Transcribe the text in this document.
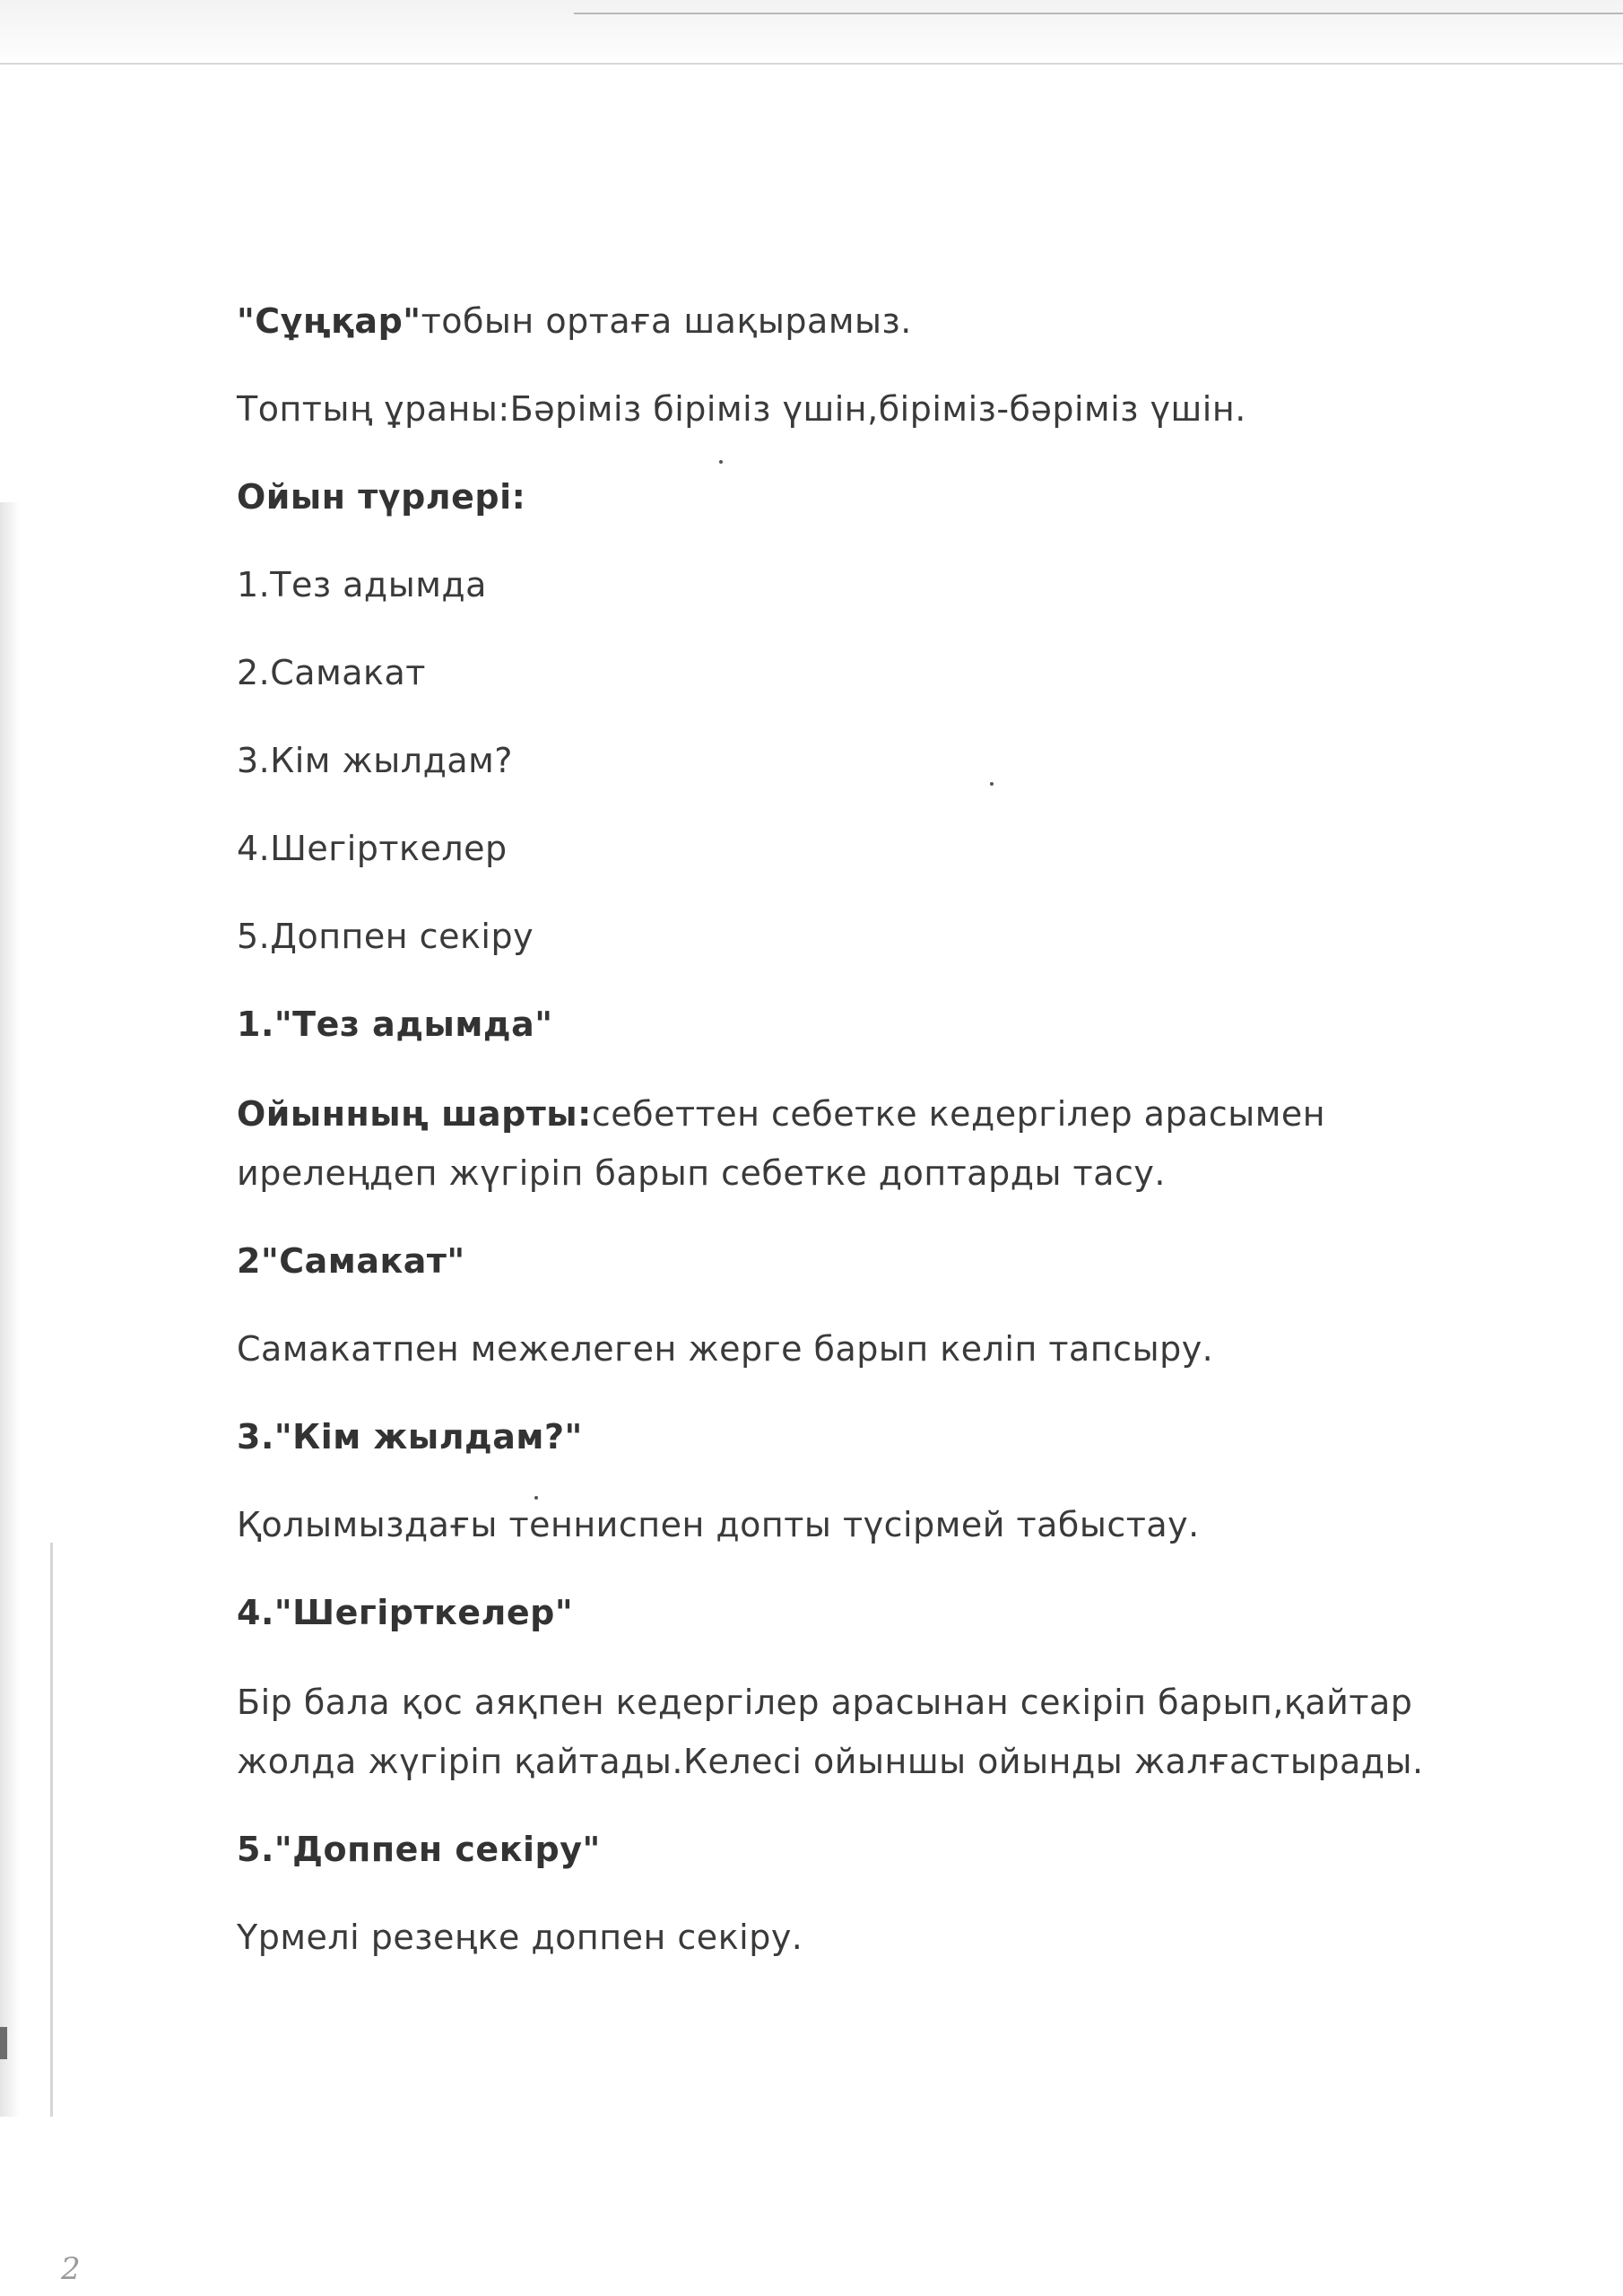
"Сұңқар"тобын ортаға шақырамыз.

Топтың ұраны:Бәріміз біріміз үшін,біріміз-бәріміз үшін.

Ойын түрлері:

1.Тез адымда

2.Самакат

3.Кім жылдам?

4.Шегірткелер

5.Доппен секіру

1."Тез адымда"

Ойынның шарты:себеттен себетке кедергілер арасымен

ирелеңдеп жүгіріп барып себетке доптарды тасу.

2"Самакат"

Самакатпен межелеген жерге барып келіп тапсыру.

3."Кім жылдам?"

Қолымыздағы тенниспен допты түсірмей табыстау.

4."Шегірткелер"

Бір бала қос аяқпен кедергілер арасынан секіріп барып,қайтар

жолда жүгіріп қайтады.Келесі ойыншы ойынды жалғастырады.

5."Доппен секіру"

Үрмелі резеңке доппен секіру.

2
